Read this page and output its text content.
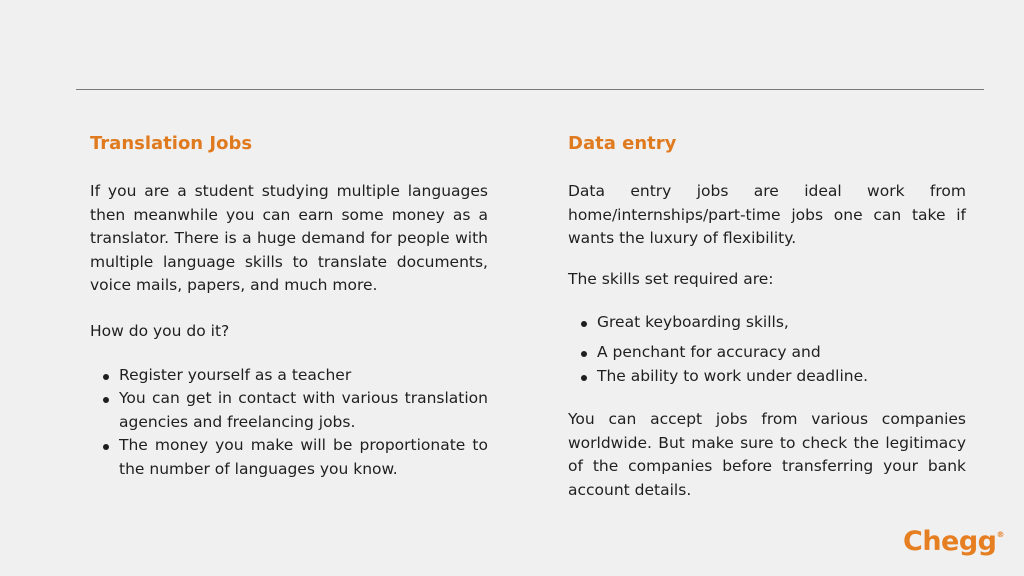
Translation Jobs

If you are a student studying multiple languages then meanwhile you can earn some money as a translator. There is a huge demand for people with multiple language skills to translate documents, voice mails, papers, and much more.

How do you do it?

Register yourself as a teacher
You can get in contact with various translation agencies and freelancing jobs.
The money you make will be proportionate to the number of languages you know.
Data entry

Data entry jobs are ideal work from home/internships/part-time jobs one can take if wants the luxury of flexibility.

The skills set required are:

Great keyboarding skills,
A penchant for accuracy and
The ability to work under deadline.

You can accept jobs from various companies worldwide. But make sure to check the legitimacy of the companies before transferring your bank account details.

Chegg®
